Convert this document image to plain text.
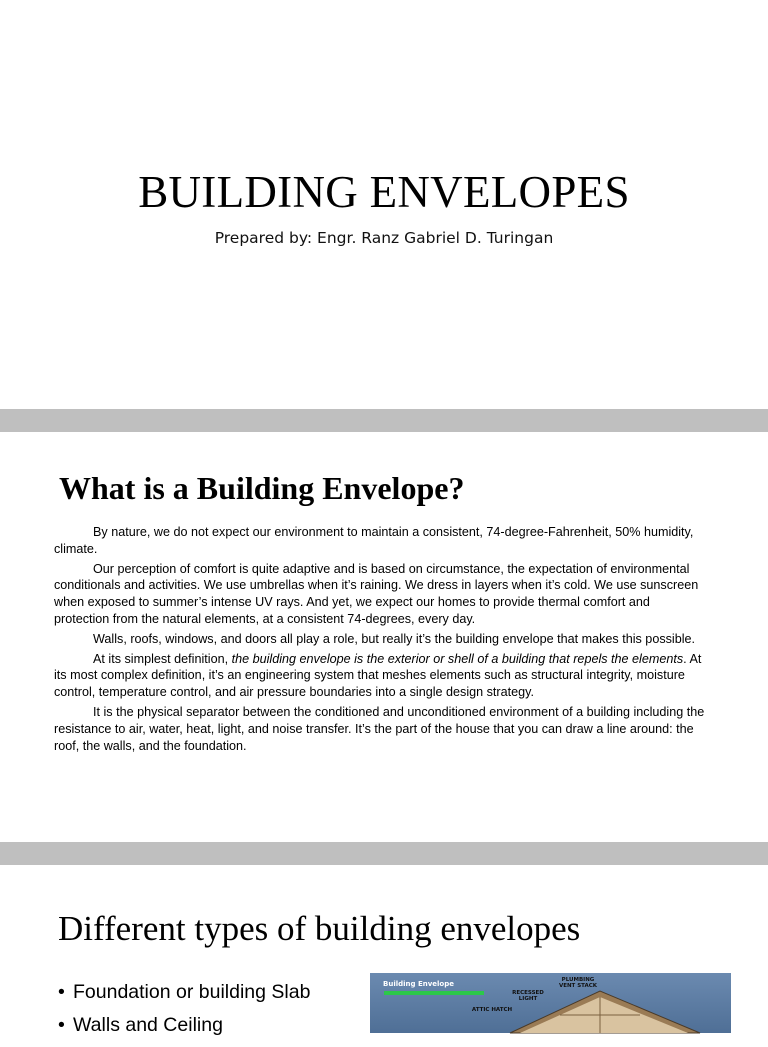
BUILDING ENVELOPES
Prepared by: Engr. Ranz Gabriel D. Turingan
What is a Building Envelope?

By nature, we do not expect our environment to maintain a consistent, 74-degree-Fahrenheit, 50% humidity, climate.

Our perception of comfort is quite adaptive and is based on circumstance, the expectation of environmental conditionals and activities. We use umbrellas when it’s raining. We dress in layers when it’s cold. We use sunscreen when exposed to summer’s intense UV rays. And yet, we expect our homes to provide thermal comfort and protection from the natural elements, at a consistent 74-degrees, every day.

Walls, roofs, windows, and doors all play a role, but really it’s the building envelope that makes this possible.

At its simplest definition, the building envelope is the exterior or shell of a building that repels the elements. At its most complex definition, it’s an engineering system that meshes elements such as structural integrity, moisture control, temperature control, and air pressure boundaries into a single design strategy.

It is the physical separator between the conditioned and unconditioned environment of a building including the resistance to air, water, heat, light, and noise transfer. It’s the part of the house that you can draw a line around: the roof, the walls, and the foundation.

Different types of building envelopes
• Foundation or building Slab
• Walls and Ceiling
Building Envelope	PLUMBING
VENT STACK
RECESSED
LIGHT
ATTIC HATCH
